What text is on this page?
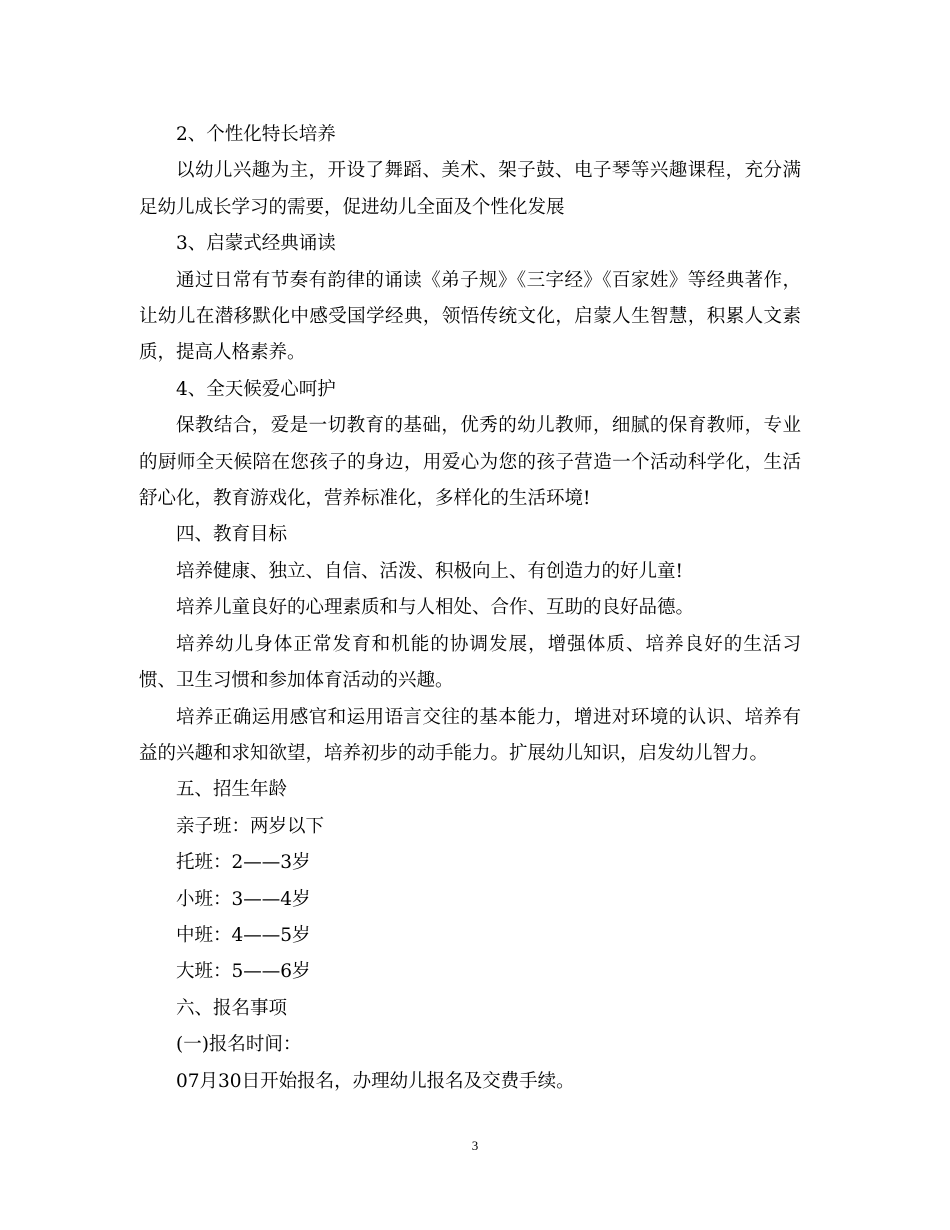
2、个性化特长培养

以幼儿兴趣为主，开设了舞蹈、美术、架子鼓、电子琴等兴趣课程，充分满足幼儿成长学习的需要，促进幼儿全面及个性化发展

3、启蒙式经典诵读

通过日常有节奏有韵律的诵读《弟子规》《三字经》《百家姓》等经典著作，让幼儿在潜移默化中感受国学经典，领悟传统文化，启蒙人生智慧，积累人文素质，提高人格素养。

4、全天候爱心呵护

保教结合，爱是一切教育的基础，优秀的幼儿教师，细腻的保育教师，专业的厨师全天候陪在您孩子的身边，用爱心为您的孩子营造一个活动科学化，生活舒心化，教育游戏化，营养标准化，多样化的生活环境!

四、教育目标

培养健康、独立、自信、活泼、积极向上、有创造力的好儿童!

培养儿童良好的心理素质和与人相处、合作、互助的良好品德。

培养幼儿身体正常发育和机能的协调发展，增强体质、培养良好的生活习惯、卫生习惯和参加体育活动的兴趣。

培养正确运用感官和运用语言交往的基本能力，增进对环境的认识、培养有益的兴趣和求知欲望，培养初步的动手能力。扩展幼儿知识，启发幼儿智力。

五、招生年龄

亲子班：两岁以下

托班：2——3岁

小班：3——4岁

中班：4——5岁

大班：5——6岁

六、报名事项

(一)报名时间：

07月30日开始报名，办理幼儿报名及交费手续。

3
